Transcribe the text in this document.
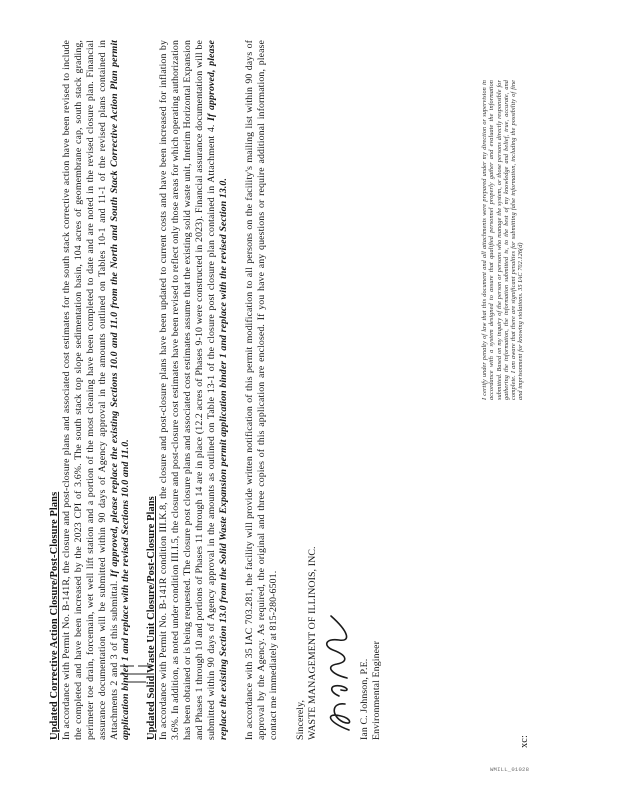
Updated Corrective Action Closure/Post-Closure Plans In accordance with Permit No. B-141R, the closure and post-closure plans and associated cost estimates for the south stack corrective action have been revised to include the completed and have been increased by the 2023 CPI of 3.6%. The south stack top slope sedimentation basin, 104 acres of geomembrane cap, south stack grading, perimeter toe drain, forcemain, wet well lift station and a portion of the most cleaning have been completed to date and are noted in the revised closure plan. Financial assurance documentation will be submitted within 90 days of Agency approval in the amounts outlined on Tables 10-1 and 11-1 of the revised plans contained in Attachments 2 and 3 of this submittal. If approved, please replace the existing Sections 10.0 and 11.0 from the North and South Stack Corrective Action Plan permit application binder 1 and replace with the revised Sections 10.0 and 11.0. Updated Solid Waste Unit Closure/Post-Closure Plans In accordance with Permit No. B-141R condition III.K.8, the closure and post-closure plans have been updated to current costs and have been increased for inflation by 3.6%. In addition, as noted under condition III.I.5, the closure and post-closure cost estimates have been revised to reflect only those areas for which operating authorization has been obtained or is being requested. The closure post closure plans and associated cost estimates assume that the existing solid waste unit, Interim Horizontal Expansion and Phases 1 through 10 and portions of Phases 11 through 14 are in place (12.2 acres of Phases 9-10 were constructed in 2023). Financial assurance documentation will be submitted within 90 days of Agency approval in the amounts as outlined on Table 13-1 of the closure post closure plan contained in Attachment 4. If approved, please replace the existing Section 13.0 from the Solid Waste Expansion permit application binder 1 and replace with the revised Section 13.0. In accordance with 35 IAC 703.281, the facility will provide written notification of this permit modification to all persons on the facility's mailing list within 90 days of approval by the Agency. As required, the original and three copies of this application are enclosed. If you have any questions or require additional information, please contact me immediately at 815-280-6501. Sincerely, WASTE MANAGEMENT OF ILLINOIS, INC.	Ian C. Johnson, P.E. Environmental Engineer

I certify under penalty of law that this document and all attachments were prepared under my direction or supervision in accordance with a system designed to assure that qualified personnel properly gather and evaluate the information submitted. Based on my inquiry of the person or persons who manage the system, or those persons directly responsible for gathering the information, the information submitted is, to the best of my knowledge and belief, true, accurate, and complete. I am aware that there are significant penalties for submitting false information, including the possibility of fine and imprisonment for knowing violations. 35 IAC 702.126(d)
xc:
WMILL_01028
